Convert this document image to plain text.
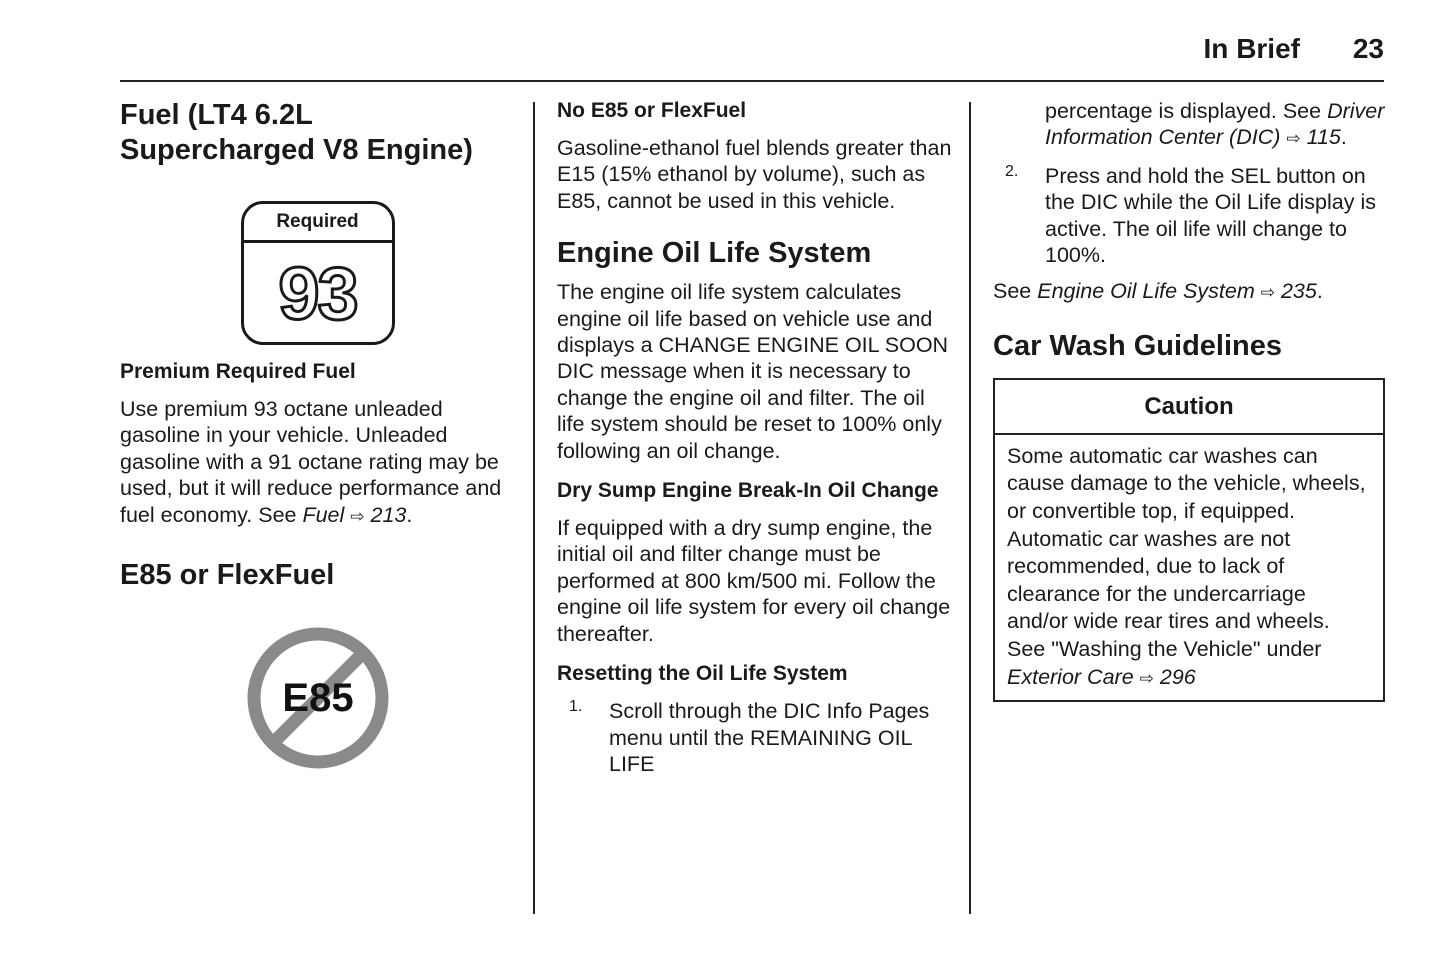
In Brief 23
Fuel (LT4 6.2L Supercharged V8 Engine)
Required
93
Premium Required Fuel

Use premium 93 octane unleaded gasoline in your vehicle. Unleaded gasoline with a 91 octane rating may be used, but it will reduce performance and fuel economy. See Fuel ⇨ 213.

E85 or FlexFuel
E85
No E85 or FlexFuel

Gasoline-ethanol fuel blends greater than E15 (15% ethanol by volume), such as E85, cannot be used in this vehicle.

Engine Oil Life System

The engine oil life system calculates engine oil life based on vehicle use and displays a CHANGE ENGINE OIL SOON DIC message when it is necessary to change the engine oil and filter. The oil life system should be reset to 100% only following an oil change.

Dry Sump Engine Break-In Oil Change

If equipped with a dry sump engine, the initial oil and filter change must be performed at 800 km/500 mi. Follow the engine oil life system for every oil change thereafter.

Resetting the Oil Life System
1. Scroll through the DIC Info Pages menu until the REMAINING OIL LIFE

percentage is displayed. See Driver Information Center (DIC) ⇨ 115.

2. Press and hold the SEL button on the DIC while the Oil Life display is active. The oil life will change to 100%.

See Engine Oil Life System ⇨ 235.

Car Wash Guidelines
Caution
Some automatic car washes can cause damage to the vehicle, wheels, or convertible top, if equipped. Automatic car washes are not recommended, due to lack of clearance for the undercarriage and/or wide rear tires and wheels. See "Washing the Vehicle" under Exterior Care ⇨ 296
